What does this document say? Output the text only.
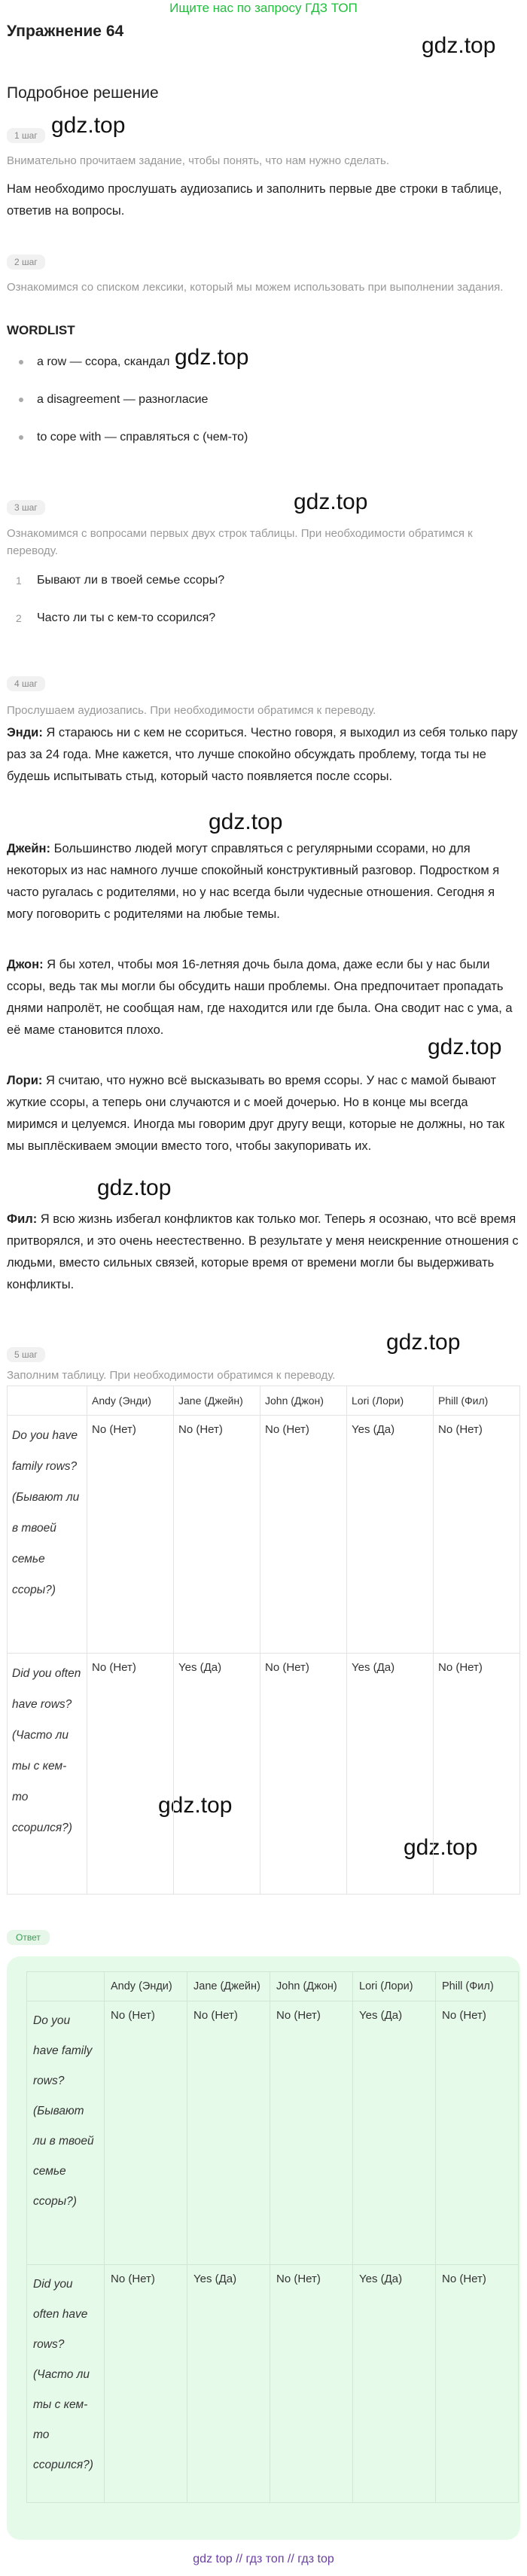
Ищите нас по запросу ГДЗ ТОП
Упражнение 64
gdz.top
gdz.top
gdz.top
gdz.top
gdz.top
gdz.top
gdz.top
gdz.top
gdz.top
gdz.top
Подробное решение
1 шаг
Внимательно прочитаем задание, чтобы понять, что нам нужно сделать.
Нам необходимо прослушать аудиозапись и заполнить первые две строки в таблице, ответив на вопросы.
2 шаг
Ознакомимся со списком лексики, который мы можем использовать при выполнении задания.
WORDLIST
a row — ссора, скандал
a disagreement — разногласие
to cope with — справляться с (чем-то)
3 шаг
Ознакомимся с вопросами первых двух строк таблицы. При необходимости обратимся к переводу.
1 Бывают ли в твоей семье ссоры?
2 Часто ли ты с кем-то ссорился?
4 шаг
Прослушаем аудиозапись. При необходимости обратимся к переводу.
Энди: Я стараюсь ни с кем не ссориться. Честно говоря, я выходил из себя только пару раз за 24 года. Мне кажется, что лучше спокойно обсуждать проблему, тогда ты не будешь испытывать стыд, который часто появляется после ссоры.
Джейн: Большинство людей могут справляться с регулярными ссорами, но для некоторых из нас намного лучше спокойный конструктивный разговор. Подростком я часто ругалась с родителями, но у нас всегда были чудесные отношения. Сегодня я могу поговорить с родителями на любые темы.
Джон: Я бы хотел, чтобы моя 16-летняя дочь была дома, даже если бы у нас были ссоры, ведь так мы могли бы обсудить наши проблемы. Она предпочитает пропадать днями напролёт, не сообщая нам, где находится или где была. Она сводит нас с ума, а её маме становится плохо.
Лори: Я считаю, что нужно всё высказывать во время ссоры. У нас с мамой бывают жуткие ссоры, а теперь они случаются и с моей дочерью. Но в конце мы всегда миримся и целуемся. Иногда мы говорим друг другу вещи, которые не должны, но так мы выплёскиваем эмоции вместо того, чтобы закупоривать их.
Фил: Я всю жизнь избегал конфликтов как только мог. Теперь я осознаю, что всё время притворялся, и это очень неестественно. В результате у меня неискренние отношения с людьми, вместо сильных связей, которые время от времени могли бы выдерживать конфликты.
5 шаг
Заполним таблицу. При необходимости обратимся к переводу.
	Andy (Энди)	Jane (Джейн)	John (Джон)	Lori (Лори)	Phill (Фил)
Do you have family rows? (Бывают ли в твоей семье ссоры?)	No (Нет)	No (Нет)	No (Нет)	Yes (Да)	No (Нет)
Did you often have rows? (Часто ли ты с кем-то ссорился?)	No (Нет)	Yes (Да)	No (Нет)	Yes (Да)	No (Нет)
Ответ
	Andy (Энди)	Jane (Джейн)	John (Джон)	Lori (Лори)	Phill (Фил)
Do you have family rows? (Бывают ли в твоей семье ссоры?)	No (Нет)	No (Нет)	No (Нет)	Yes (Да)	No (Нет)
Did you often have rows? (Часто ли ты с кем-то ссорился?)	No (Нет)	Yes (Да)	No (Нет)	Yes (Да)	No (Нет)
gdz top // гдз топ // гдз top
